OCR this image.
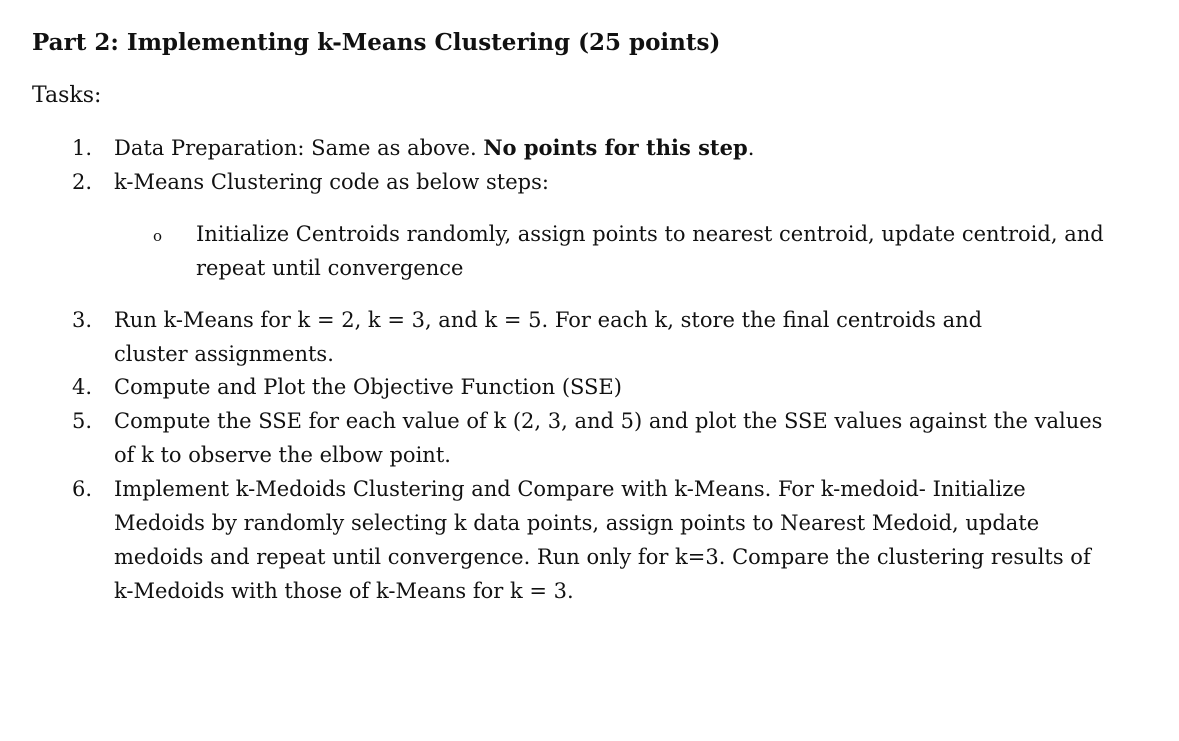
Part 2: Implementing k-Means Clustering (25 points)
Tasks:
1. Data Preparation: Same as above. No points for this step.
2. k-Means Clustering code as below steps:
o Initialize Centroids randomly, assign points to nearest centroid, update centroid, and repeat until convergence
3. Run k-Means for k = 2, k = 3, and k = 5. For each k, store the final centroids and cluster assignments.
4. Compute and Plot the Objective Function (SSE)
5. Compute the SSE for each value of k (2, 3, and 5) and plot the SSE values against the values of k to observe the elbow point.
6. Implement k-Medoids Clustering and Compare with k-Means. For k-medoid- Initialize Medoids by randomly selecting k data points, assign points to Nearest Medoid, update medoids and repeat until convergence. Run only for k=3. Compare the clustering results of k-Medoids with those of k-Means for k = 3.
